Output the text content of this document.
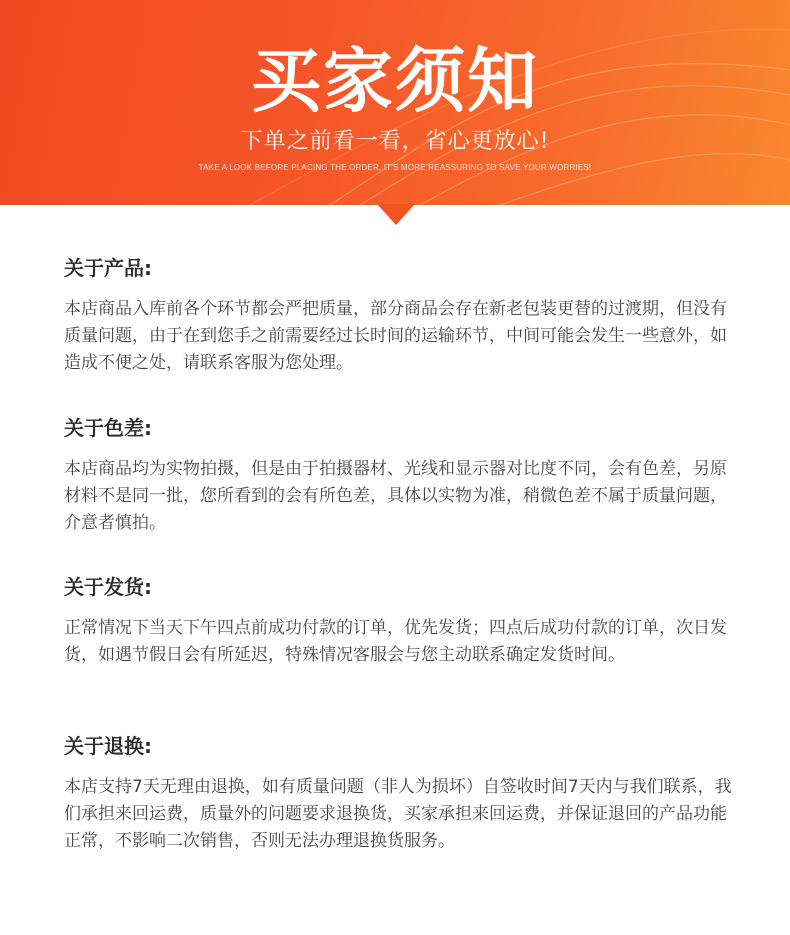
买家须知
下单之前看一看，省心更放心!
TAKE A LOOK BEFORE PLACING THE ORDER, IT'S MORE REASSURING TO SAVE YOUR WORRIES!
关于产品:

本店商品入库前各个环节都会严把质量，部分商品会存在新老包装更替的过渡期，但没有质量问题，由于在到您手之前需要经过长时间的运输环节，中间可能会发生一些意外，如造成不便之处，请联系客服为您处理。

关于色差:

本店商品均为实物拍摄，但是由于拍摄器材、光线和显示器对比度不同，会有色差，另原材料不是同一批，您所看到的会有所色差，具体以实物为准，稍微色差不属于质量问题，介意者慎拍。

关于发货:

正常情况下当天下午四点前成功付款的订单，优先发货；四点后成功付款的订单，次日发货，如遇节假日会有所延迟，特殊情况客服会与您主动联系确定发货时间。

关于退换:

本店支持7天无理由退换，如有质量问题（非人为损坏）自签收时间7天内与我们联系，我们承担来回运费，质量外的问题要求退换货，买家承担来回运费，并保证退回的产品功能正常，不影响二次销售，否则无法办理退换货服务。
